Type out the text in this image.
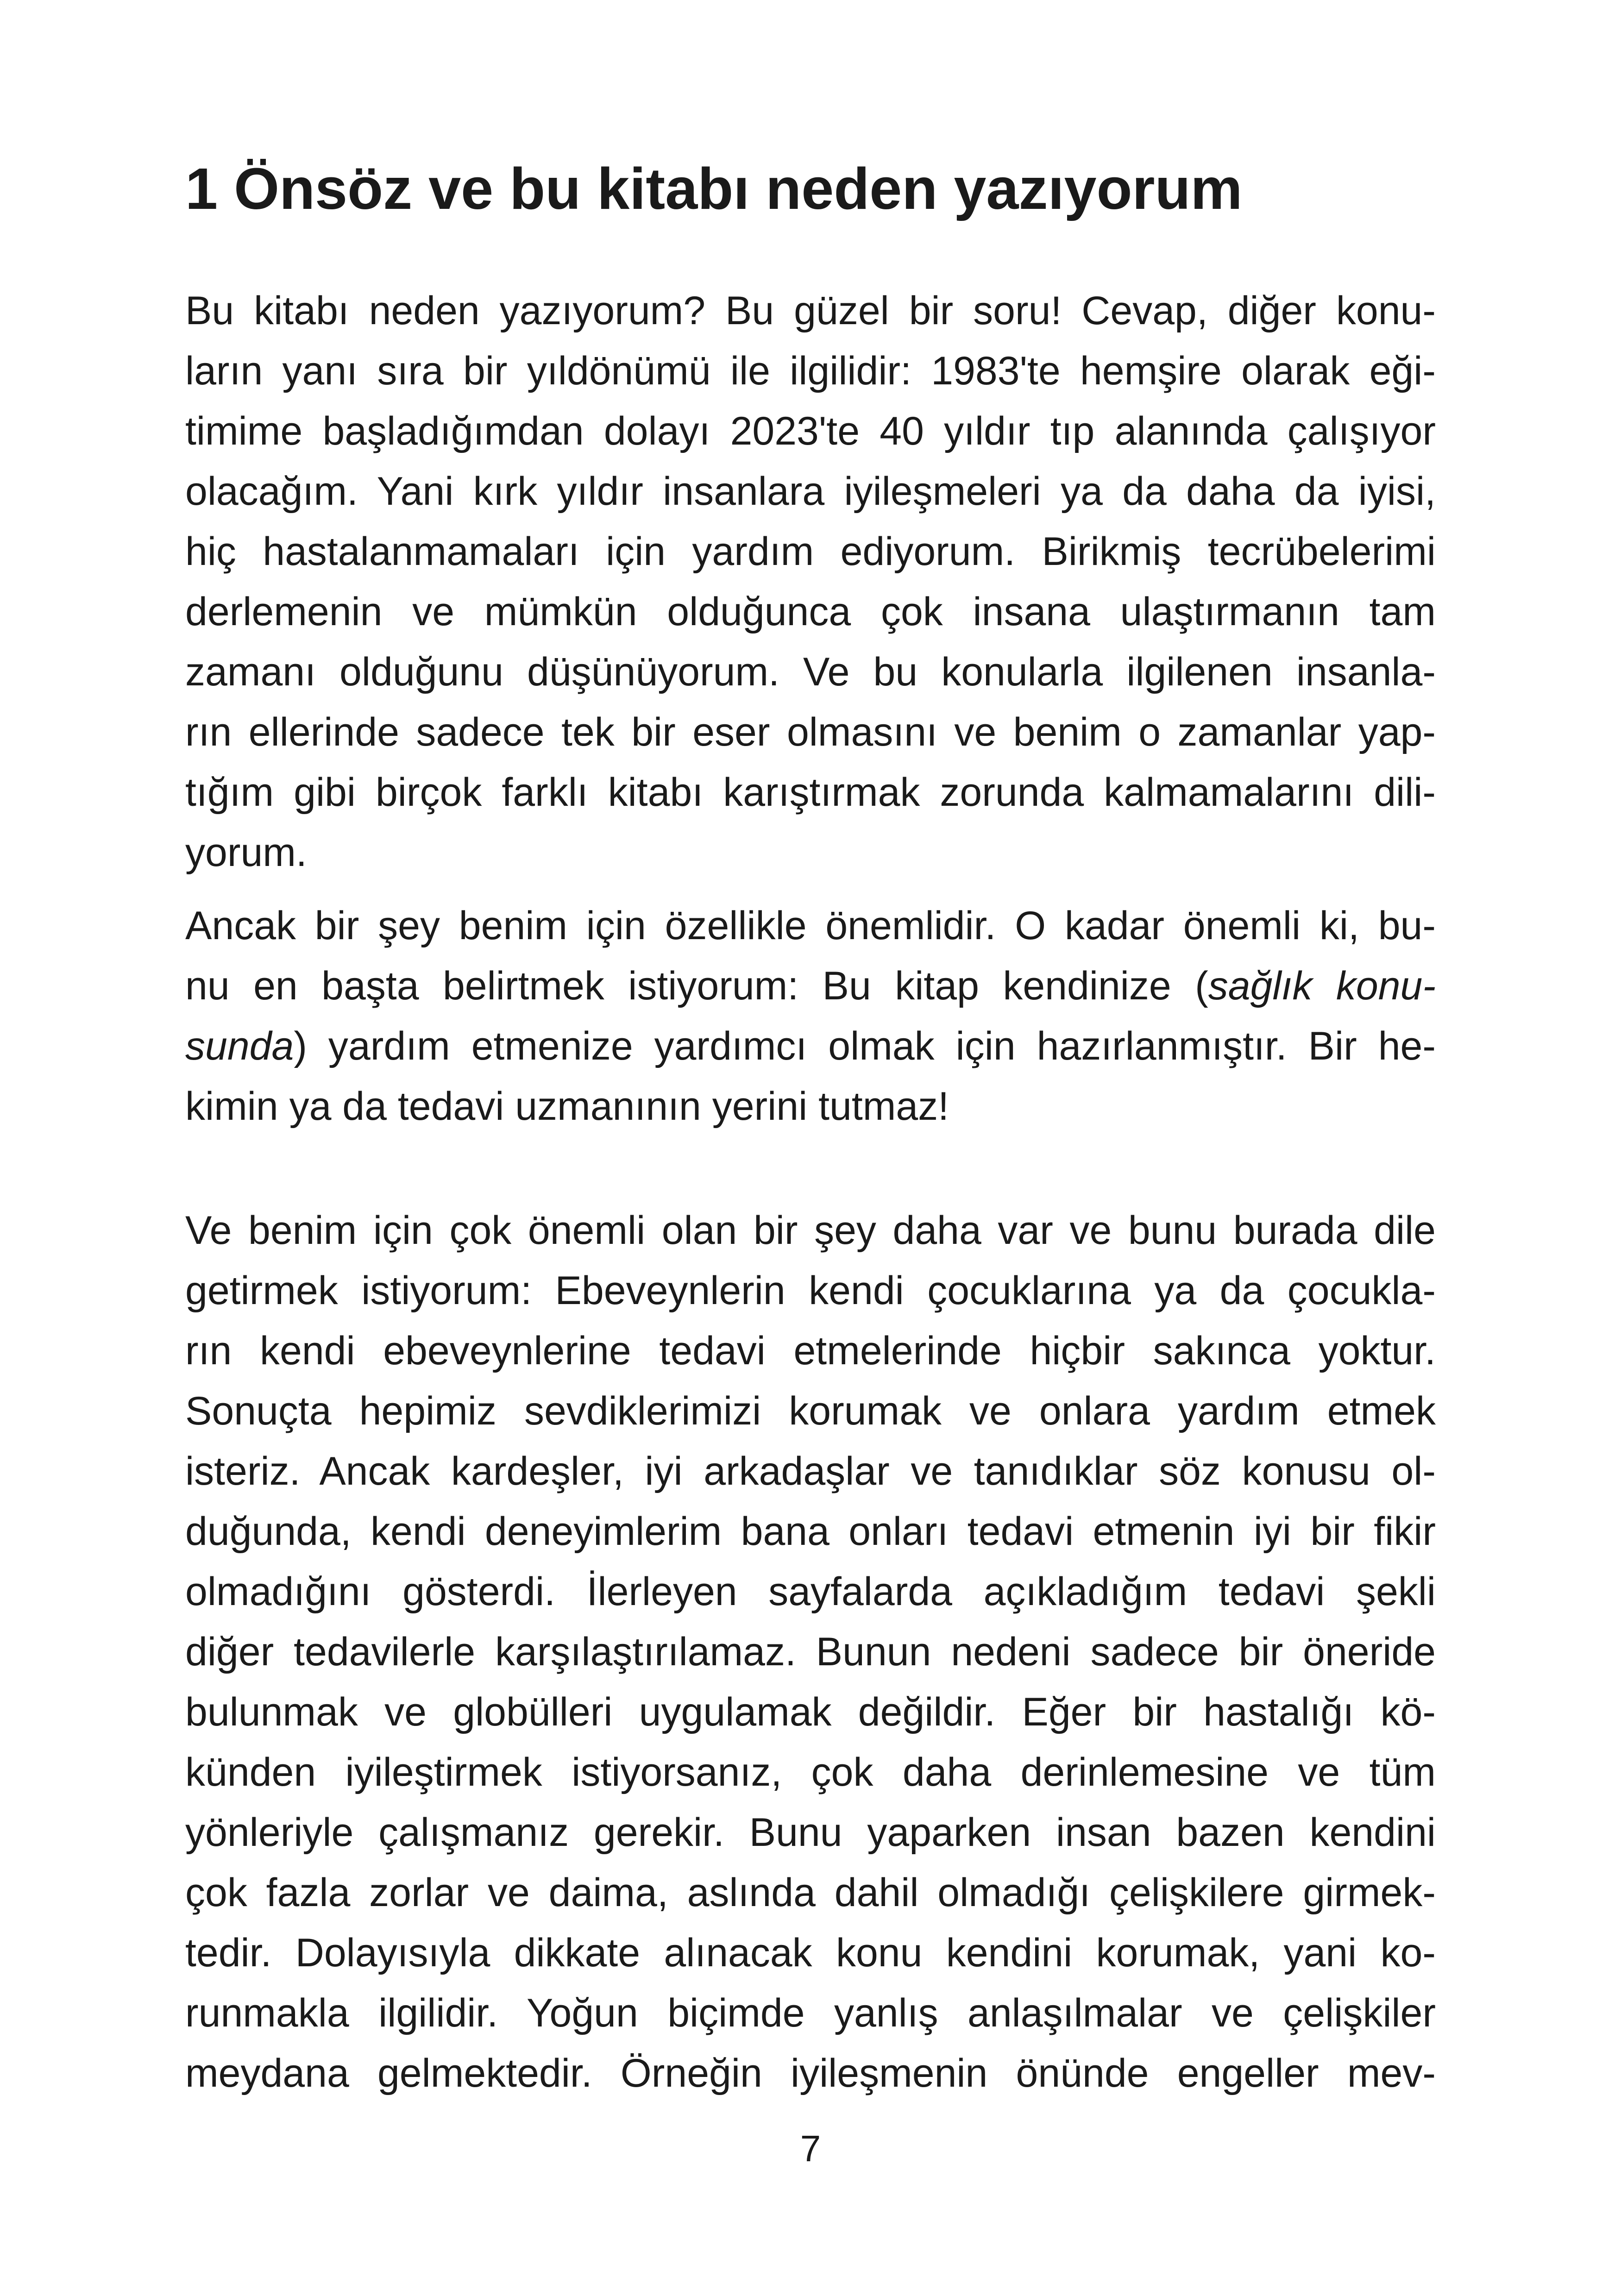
1 Önsöz ve bu kitabı neden yazıyorum

Bu kitabı neden yazıyorum? Bu güzel bir soru! Cevap, diğer konu-
ların yanı sıra bir yıldönümü ile ilgilidir: 1983'te hemşire olarak eği-
timime başladığımdan dolayı 2023'te 40 yıldır tıp alanında çalışıyor
olacağım. Yani kırk yıldır insanlara iyileşmeleri ya da daha da iyisi,
hiç hastalanmamaları için yardım ediyorum. Birikmiş tecrübelerimi
derlemenin ve mümkün olduğunca çok insana ulaştırmanın tam
zamanı olduğunu düşünüyorum. Ve bu konularla ilgilenen insanla-
rın ellerinde sadece tek bir eser olmasını ve benim o zamanlar yap-
tığım gibi birçok farklı kitabı karıştırmak zorunda kalmamalarını dili-
yorum.

Ancak bir şey benim için özellikle önemlidir. O kadar önemli ki, bu-
nu en başta belirtmek istiyorum: Bu kitap kendinize (sağlık konu-
sunda) yardım etmenize yardımcı olmak için hazırlanmıştır. Bir he-
kimin ya da tedavi uzmanının yerini tutmaz!

Ve benim için çok önemli olan bir şey daha var ve bunu burada dile
getirmek istiyorum: Ebeveynlerin kendi çocuklarına ya da çocukla-
rın kendi ebeveynlerine tedavi etmelerinde hiçbir sakınca yoktur.
Sonuçta hepimiz sevdiklerimizi korumak ve onlara yardım etmek
isteriz. Ancak kardeşler, iyi arkadaşlar ve tanıdıklar söz konusu ol-
duğunda, kendi deneyimlerim bana onları tedavi etmenin iyi bir fikir
olmadığını gösterdi. İlerleyen sayfalarda açıkladığım tedavi şekli
diğer tedavilerle karşılaştırılamaz. Bunun nedeni sadece bir öneride
bulunmak ve globülleri uygulamak değildir. Eğer bir hastalığı kö-
künden iyileştirmek istiyorsanız, çok daha derinlemesine ve tüm
yönleriyle çalışmanız gerekir. Bunu yaparken insan bazen kendini
çok fazla zorlar ve daima, aslında dahil olmadığı çelişkilere girmek-
tedir. Dolayısıyla dikkate alınacak konu kendini korumak, yani ko-
runmakla ilgilidir. Yoğun biçimde yanlış anlaşılmalar ve çelişkiler
meydana gelmektedir. Örneğin iyileşmenin önünde engeller mev-

7
